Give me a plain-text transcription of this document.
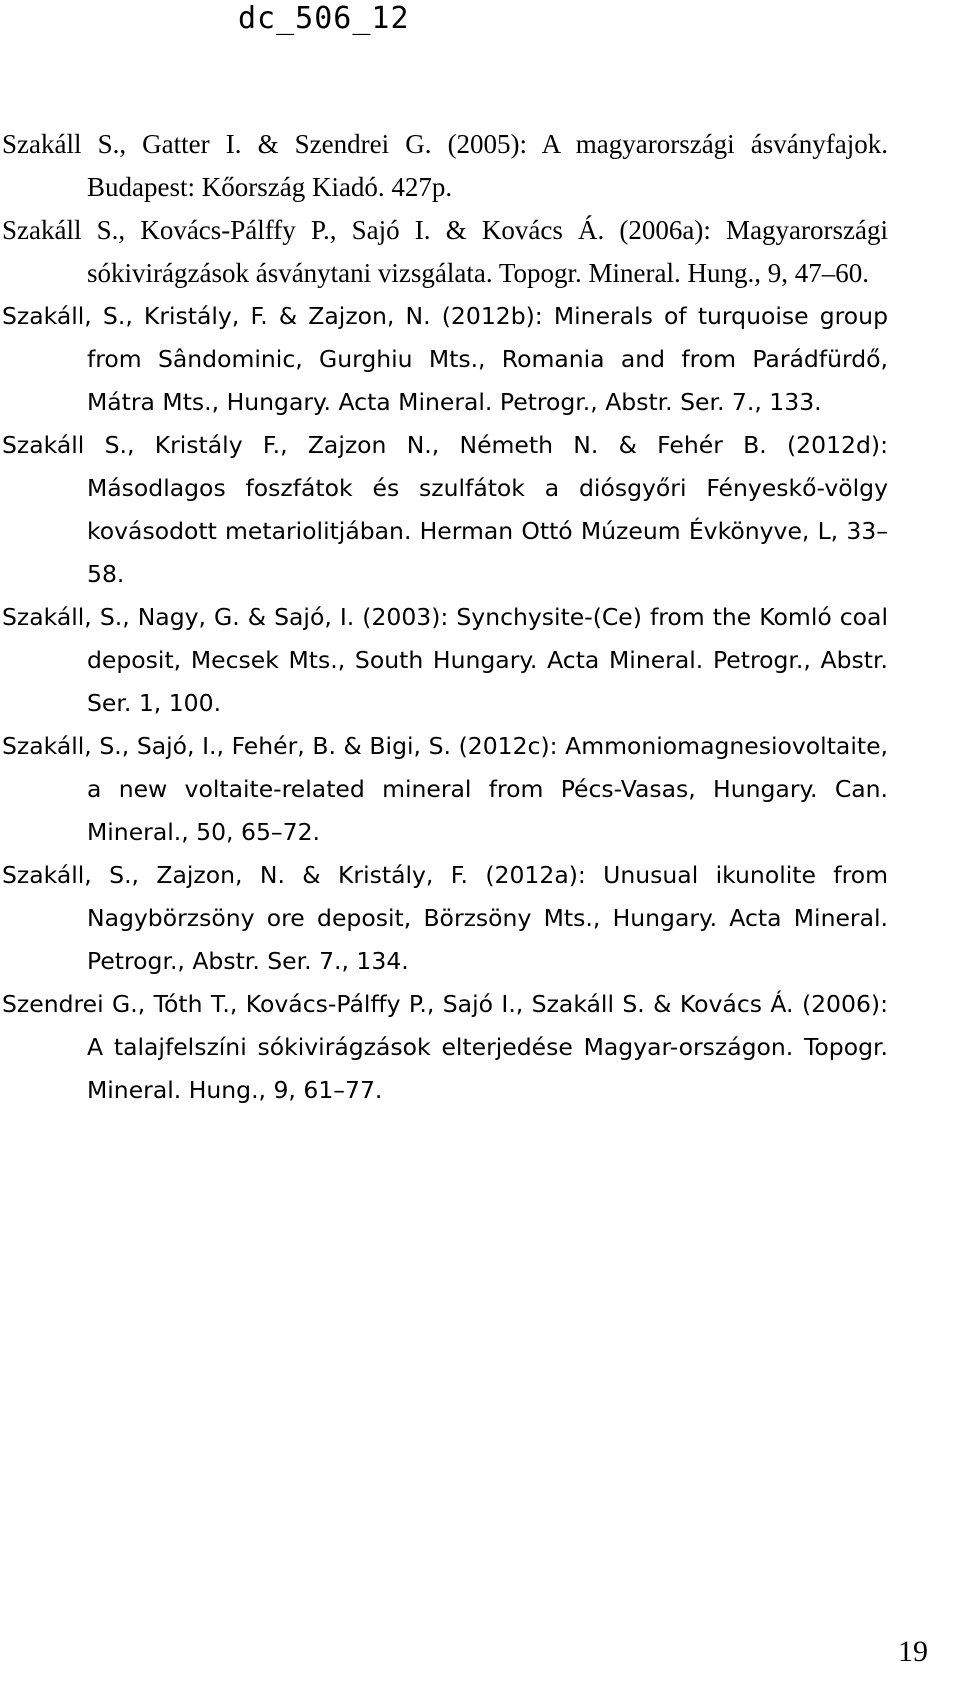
dc_506_12

Szakáll S., Gatter I. & Szendrei G. (2005): A magyarországi ásványfajok. Budapest: Kőország Kiadó. 427p.
Szakáll S., Kovács-Pálffy P., Sajó I. & Kovács Á. (2006a): Magyarországi sókivirágzások ásványtani vizsgálata. Topogr. Mineral. Hung., 9, 47–60.
Szakáll, S., Kristály, F. & Zajzon, N. (2012b): Minerals of turquoise group from Sândominic, Gurghiu Mts., Romania and from Parádfürdő, Mátra Mts., Hungary. Acta Mineral. Petrogr., Abstr. Ser. 7., 133.
Szakáll S., Kristály F., Zajzon N., Németh N. & Fehér B. (2012d): Másodlagos foszfátok és szulfátok a diósgyőri Fényeskő-völgy kovásodott metariolitjában. Herman Ottó Múzeum Évkönyve, L, 33–58.
Szakáll, S., Nagy, G. & Sajó, I. (2003): Synchysite-(Ce) from the Komló coal deposit, Mecsek Mts., South Hungary. Acta Mineral. Petrogr., Abstr. Ser. 1, 100.
Szakáll, S., Sajó, I., Fehér, B. & Bigi, S. (2012c): Ammoniomagnesiovoltaite, a new voltaite-related mineral from Pécs-Vasas, Hungary. Can. Mineral., 50, 65–72.
Szakáll, S., Zajzon, N. & Kristály, F. (2012a): Unusual ikunolite from Nagybörzsöny ore deposit, Börzsöny Mts., Hungary. Acta Mineral. Petrogr., Abstr. Ser. 7., 134.
Szendrei G., Tóth T., Kovács-Pálffy P., Sajó I., Szakáll S. & Kovács Á. (2006): A talajfelszíni sókivirágzások elterjedése Magyar-országon. Topogr. Mineral. Hung., 9, 61–77.

19
